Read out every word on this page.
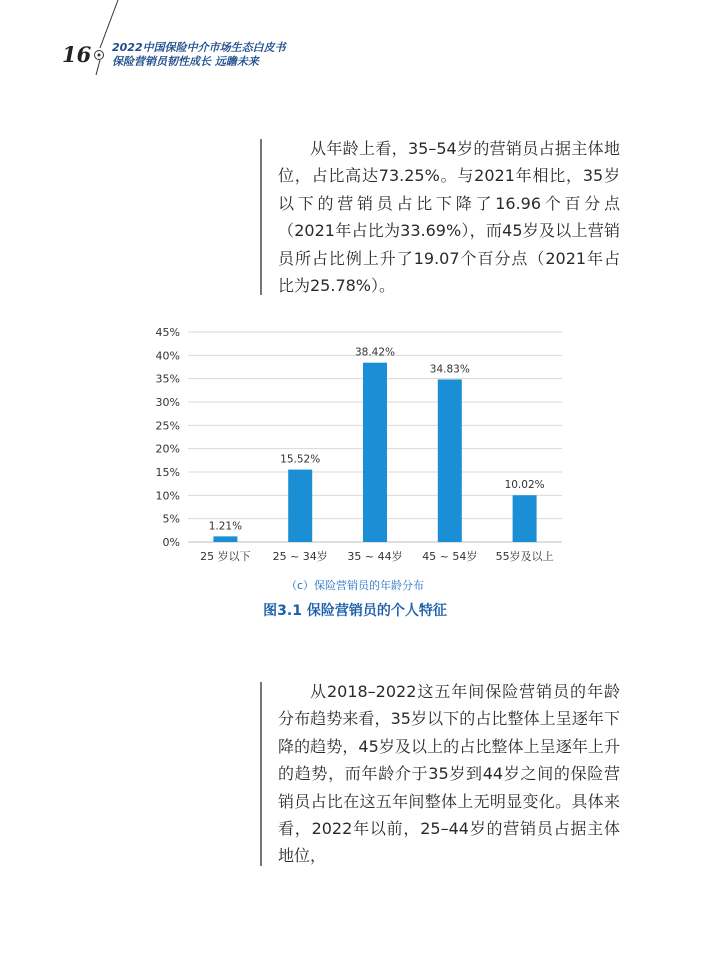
16 2022中国保险中介市场生态白皮书
保险营销员韧性成长 远瞻未来

从年龄上看，35–54岁的营销员占据主体地位，占比高达73.25%。与2021年相比，35岁以下的营销员占比下降了16.96个百分点（2021年占比为33.69%），而45岁及以上营销员所占比例上升了19.07个百分点（2021年占比为25.78%）。

0%
5%
10%
15%
20%
25%
30%
35%
40%
45%
1.21%
25 岁以下
15.52%
25 ~ 34岁
38.42%
35 ~ 44岁
34.83%
45 ~ 54岁
10.02%
55岁及以上
（c）保险营销员的年龄分布
图3.1 保险营销员的个人特征

从2018–2022这五年间保险营销员的年龄分布趋势来看，35岁以下的占比整体上呈逐年下降的趋势，45岁及以上的占比整体上呈逐年上升的趋势，而年龄介于35岁到44岁之间的保险营销员占比在这五年间整体上无明显变化。具体来看，2022年以前，25–44岁的营销员占据主体地位，
